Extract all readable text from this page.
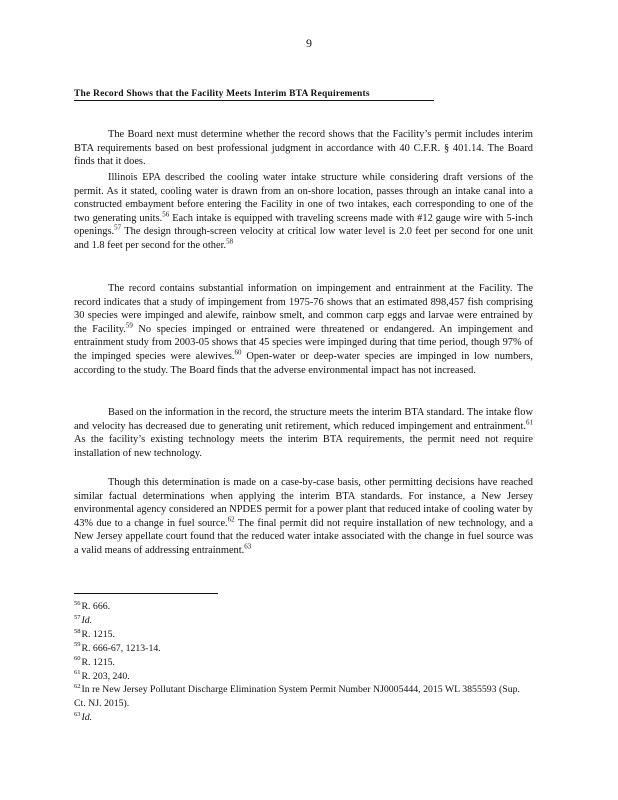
9
The Record Shows that the Facility Meets Interim BTA Requirements

The Board next must determine whether the record shows that the Facility’s permit includes interim BTA requirements based on best professional judgment in accordance with 40 C.F.R. § 401.14. The Board finds that it does.

Illinois EPA described the cooling water intake structure while considering draft versions of the permit. As it stated, cooling water is drawn from an on-shore location, passes through an intake canal into a constructed embayment before entering the Facility in one of two intakes, each corresponding to one of the two generating units.$^{56}$ Each intake is equipped with traveling screens made with #12 gauge wire with 5-inch openings.$^{57}$ The design through-screen velocity at critical low water level is 2.0 feet per second for one unit and 1.8 feet per second for the other.$^{58}$

The record contains substantial information on impingement and entrainment at the Facility. The record indicates that a study of impingement from 1975-76 shows that an estimated 898,457 fish comprising 30 species were impinged and alewife, rainbow smelt, and common carp eggs and larvae were entrained by the Facility.$^{59}$ No species impinged or entrained were threatened or endangered. An impingement and entrainment study from 2003-05 shows that 45 species were impinged during that time period, though 97% of the impinged species were alewives.$^{60}$ Open-water or deep-water species are impinged in low numbers, according to the study. The Board finds that the adverse environmental impact has not increased.

Based on the information in the record, the structure meets the interim BTA standard. The intake flow and velocity has decreased due to generating unit retirement, which reduced impingement and entrainment.$^{61}$ As the facility’s existing technology meets the interim BTA requirements, the permit need not require installation of new technology.

Though this determination is made on a case-by-case basis, other permitting decisions have reached similar factual determinations when applying the interim BTA standards. For instance, a New Jersey environmental agency considered an NPDES permit for a power plant that reduced intake of cooling water by 43% due to a change in fuel source.$^{62}$ The final permit did not require installation of new technology, and a New Jersey appellate court found that the reduced water intake associated with the change in fuel source was a valid means of addressing entrainment.$^{63}$

$^{56}$R. 666.

$^{57}$Id.

$^{58}$R. 1215.

$^{59}$R. 666-67, 1213-14.

$^{60}$R. 1215.

$^{61}$R. 203, 240.

$^{62}$In re New Jersey Pollutant Discharge Elimination System Permit Number NJ0005444, 2015 WL 3855593 (Sup. Ct. NJ. 2015).

$^{63}$Id.
